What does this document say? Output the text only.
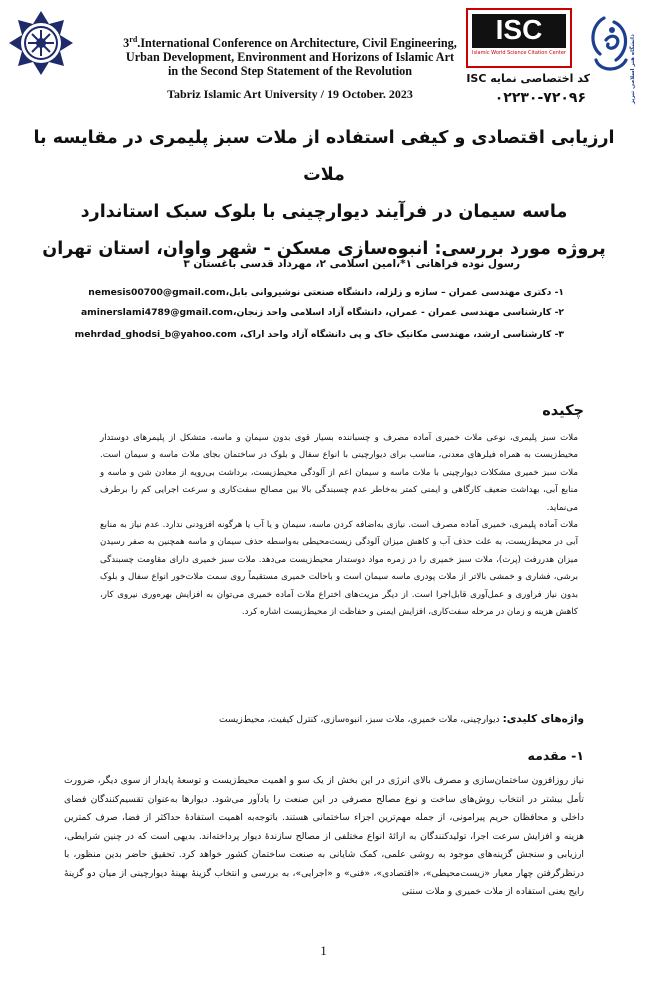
3rd.International Conference on Architecture, Civil Engineering,
Urban Development, Environment and Horizons of Islamic Art
in the Second Step Statement of the Revolution
Tabriz Islamic Art University / 19 October. 2023
ISC
Islamic World Science Citation Center
کد اختصاصی نمایه ISC
۰۲۲۳۰-۷۲۰۹۶	دانشگاه هنر اسلامی تبریز
ارزیابی اقتصادی و کیفی استفاده از ملات سبز پلیمری در مقایسه با ملات
ماسه سیمان در فرآیند دیوارچینی با بلوک سبک استاندارد
پروژه مورد بررسی: انبوه‌سازی مسکن - شهر واوان، استان تهران
رسول نوده فراهانی ۱*،امین اسلامی ۲، مهرداد قدسی باغستان ۳
۱- دکتری مهندسی عمران – سازه و زلزله، دانشگاه صنعتی نوشیروانی بابل،nemesis00700@gmail.com
۲- کارشناسی مهندسی عمران - عمران، دانشگاه آزاد اسلامی واحد زنجان،aminerslami4789@gmail.com
۳- کارشناسی ارشد، مهندسی مکانیک خاک و پی دانشگاه آزاد واحد اراک، mehrdad_ghodsi_b@yahoo.com
چکیده

ملات سبز پلیمری، نوعی ملات خمیری آماده مصرف و چسباننده بسیار قوی بدون سیمان و ماسه، متشکل از پلیمرهای دوستدار محیط‌زیست به همراه فیلرهای معدنی، مناسب برای دیوارچینی با انواع سفال و بلوک در ساختمان بجای ملات ماسه و سیمان است. ملات سبز خمیری مشکلات دیوارچینی با ملات ماسه و سیمان اعم از آلودگی محیط‌زیست، برداشت بی‌رویه از معادن شن و ماسه و منابع آبی، بهداشت ضعیف کارگاهی و ایمنی کمتر به‌خاطر عدم چسبندگی بالا بین مصالح سفت‌کاری و سرعت اجرایی کم را برطرف می‌نماید.

ملات آماده پلیمری، خمیری آماده مصرف است. نیازی به‌اضافه کردن ماسه، سیمان و یا آب یا هرگونه افزودنی ندارد. عدم نیاز به منابع آبی در محیط‌زیست، به علت حذف آب و کاهش میزان آلودگی زیست‌محیطی به‌واسطه حذف سیمان و ماسه همچنین به صفر رسیدن میزان هدررفت (پرت)، ملات سبز خمیری را در زمره مواد دوستدار محیط‌زیست می‌دهد. ملات سبز خمیری دارای مقاومت چسبندگی برشی، فشاری و خمشی بالاتر از ملات پودری ماسه سیمان است و باحالت خمیری مستقیماً روی سمت ملات‌خور انواع سفال و بلوک بدون نیاز فراوری و عمل‌آوری قابل‌اجرا است. از دیگر مزیت‌های اختراع ملات آماده خمیری می‌توان به افزایش بهره‌وری نیروی کار، کاهش هزینه و زمان در مرحله سفت‌کاری، افزایش ایمنی و حفاظت از محیط‌زیست اشاره کرد.

واژه‌های کلیدی: دیوارچینی، ملات خمیری، ملات سبز، انبوه‌سازی، کنترل کیفیت، محیط‌زیست
۱- مقدمه

نیاز روزافزون ساختمان‌سازی و مصرف بالای انرژی در این بخش از یک سو و اهمیت محیط‌زیست و توسعهٔ پایدار از سوی دیگر، ضرورت تأمل بیشتر در انتخاب روش‌های ساخت و نوع مصالح مصرفی در این صنعت را یادآور می‌شود. دیوارها به‌عنوان تقسیم‌کنندگان فضای داخلی و محافظان حریم پیرامونی، از جمله مهم‌ترین اجزاء ساختمانی هستند. باتوجه‌به اهمیت استفادهٔ حداکثر از فضا، صرف کمترین هزینه و افزایش سرعت اجرا، تولیدکنندگان به ارائهٔ انواع مختلفی از مصالح سازندهٔ دیوار پرداخته‌اند. بدیهی است که در چنین شرایطی، ارزیابی و سنجش گزینه‌های موجود به روشی علمی، کمک شایانی به صنعت ساختمان کشور خواهد کرد. تحقیق حاضر بدین منظور، با درنظرگرفتن چهار معیار «زیست‌محیطی»، «اقتصادی»، «فنی» و «اجرایی»، به بررسی و انتخاب گزینهٔ بهینهٔ دیوارچینی از میان دو گزینهٔ رایج یعنی استفاده از ملات خمیری و ملات سنتی

1
